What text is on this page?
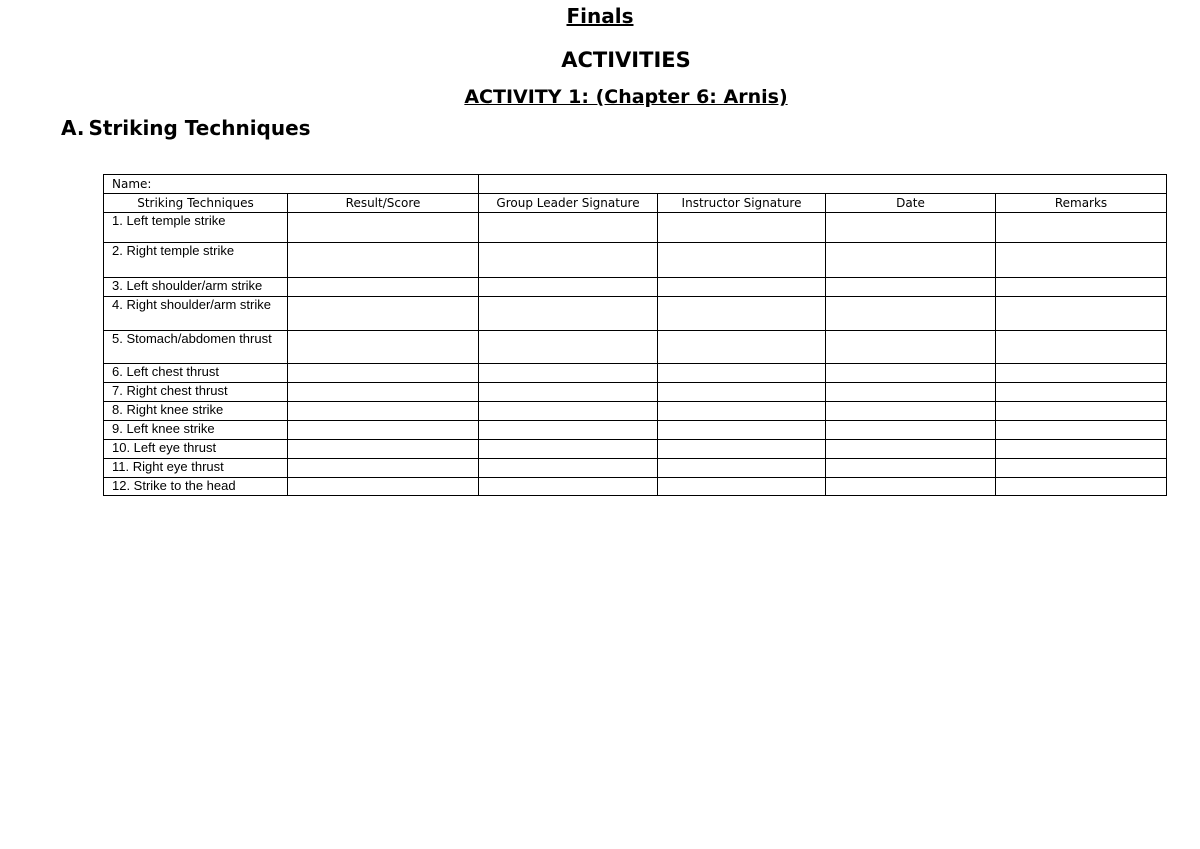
Finals
ACTIVITIES
ACTIVITY 1: (Chapter 6: Arnis)
A. Striking Techniques
Name:					
Striking Techniques	Result/Score	Group Leader Signature	Instructor Signature	Date	Remarks
1. Left temple strike					
2. Right temple strike					
3. Left shoulder/arm strike					
4. Right shoulder/arm strike					
5. Stomach/abdomen thrust					
6. Left chest thrust					
7. Right chest thrust					
8. Right knee strike					
9. Left knee strike					
10. Left eye thrust					
11. Right eye thrust					
12. Strike to the head					
